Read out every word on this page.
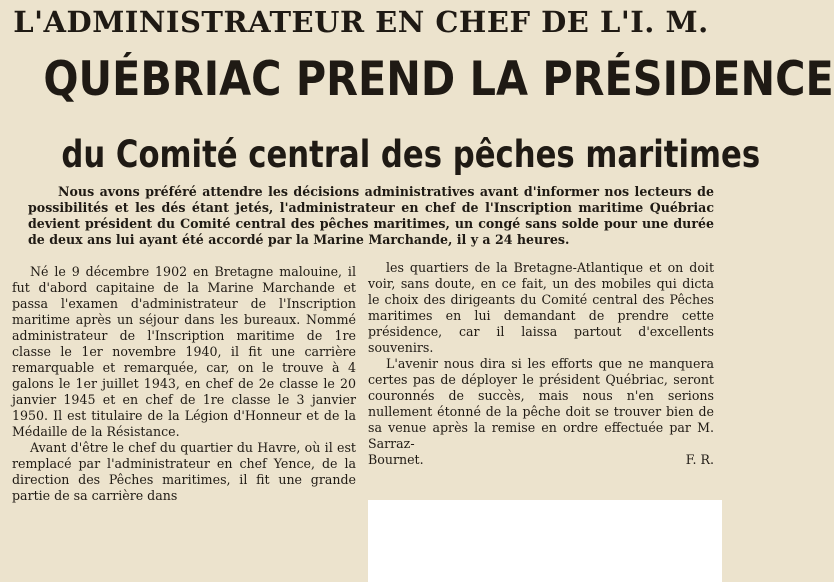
L'ADMINISTRATEUR EN CHEF DE L'I. M.
QUÉBRIAC PREND LA PRÉSIDENCE
du Comité central des pêches maritimes

Nous avons préféré attendre les décisions administratives avant d'informer nos lecteurs de possibilités et les dés étant jetés, l'administrateur en chef de l'Inscription maritime Québriac devient président du Comité central des pêches maritimes, un congé sans solde pour une durée de deux ans lui ayant été accordé par la Marine Marchande, il y a 24 heures.

Né le 9 décembre 1902 en Bretagne malouine, il fut d'abord capitaine de la Marine Marchande et passa l'examen d'administrateur de l'Inscription maritime après un séjour dans les bureaux. Nommé administrateur de l'Inscription maritime de 1re classe le 1er novembre 1940, il fit une carrière remarquable et remarquée, car, on le trouve à 4 galons le 1er juillet 1943, en chef de 2e classe le 20 janvier 1945 et en chef de 1re classe le 3 janvier 1950. Il est titulaire de la Légion d'Honneur et de la Médaille de la Résistance.

Avant d'être le chef du quartier du Havre, où il est remplacé par l'administrateur en chef Yence, de la direction des Pêches maritimes, il fit une grande partie de sa carrière dans

les quartiers de la Bretagne-Atlantique et on doit voir, sans doute, en ce fait, un des mobiles qui dicta le choix des dirigeants du Comité central des Pêches maritimes en lui demandant de prendre cette présidence, car il laissa partout d'excellents souvenirs.

L'avenir nous dira si les efforts que ne manquera certes pas de déployer le président Québriac, seront couronnés de succès, mais nous n'en serions nullement étonné de la pêche doit se trouver bien de sa venue après la remise en ordre effectuée par M. Sarraz-

Bournet.	F. R.
